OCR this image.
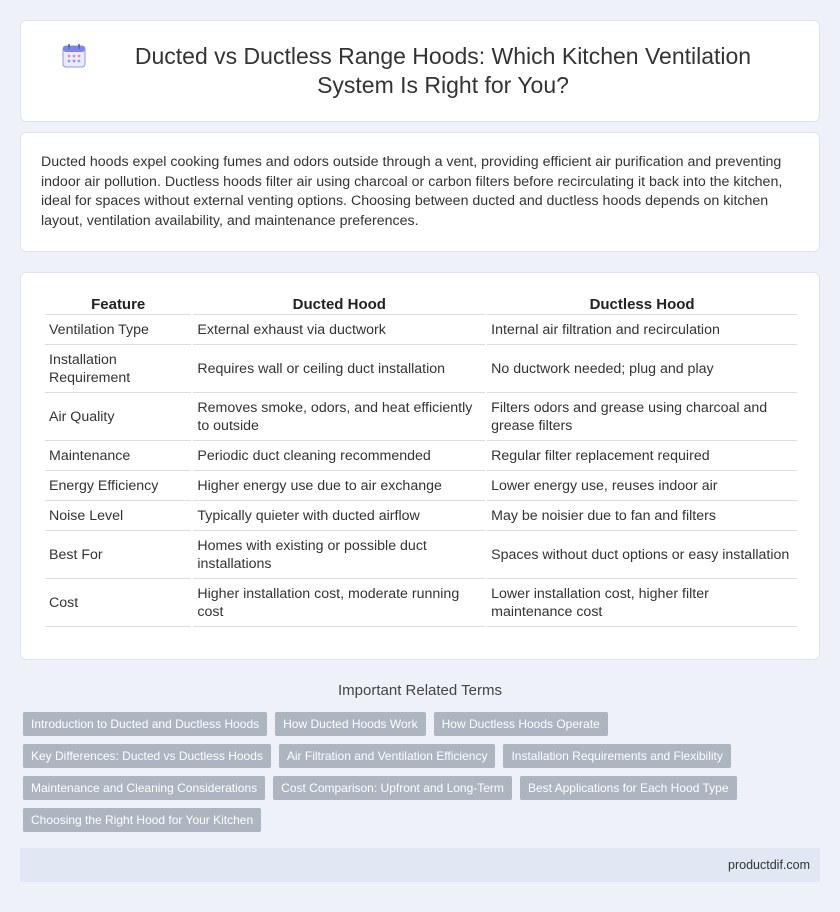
Ducted vs Ductless Range Hoods: Which Kitchen Ventilation System Is Right for You?

Ducted hoods expel cooking fumes and odors outside through a vent, providing efficient air purification and preventing indoor air pollution. Ductless hoods filter air using charcoal or carbon filters before recirculating it back into the kitchen, ideal for spaces without external venting options. Choosing between ducted and ductless hoods depends on kitchen layout, ventilation availability, and maintenance preferences.

Feature	Ducted Hood	Ductless Hood
Ventilation Type	External exhaust via ductwork	Internal air filtration and recirculation
Installation Requirement	Requires wall or ceiling duct installation	No ductwork needed; plug and play
Air Quality	Removes smoke, odors, and heat efficiently to outside	Filters odors and grease using charcoal and grease filters
Maintenance	Periodic duct cleaning recommended	Regular filter replacement required
Energy Efficiency	Higher energy use due to air exchange	Lower energy use, reuses indoor air
Noise Level	Typically quieter with ducted airflow	May be noisier due to fan and filters
Best For	Homes with existing or possible duct installations	Spaces without duct options or easy installation
Cost	Higher installation cost, moderate running cost	Lower installation cost, higher filter maintenance cost
Important Related Terms
Introduction to Ducted and Ductless Hoods	How Ducted Hoods Work	How Ductless Hoods Operate
Key Differences: Ducted vs Ductless Hoods	Air Filtration and Ventilation Efficiency	Installation Requirements and Flexibility
Maintenance and Cleaning Considerations	Cost Comparison: Upfront and Long-Term	Best Applications for Each Hood Type
Choosing the Right Hood for Your Kitchen
productdif.com
